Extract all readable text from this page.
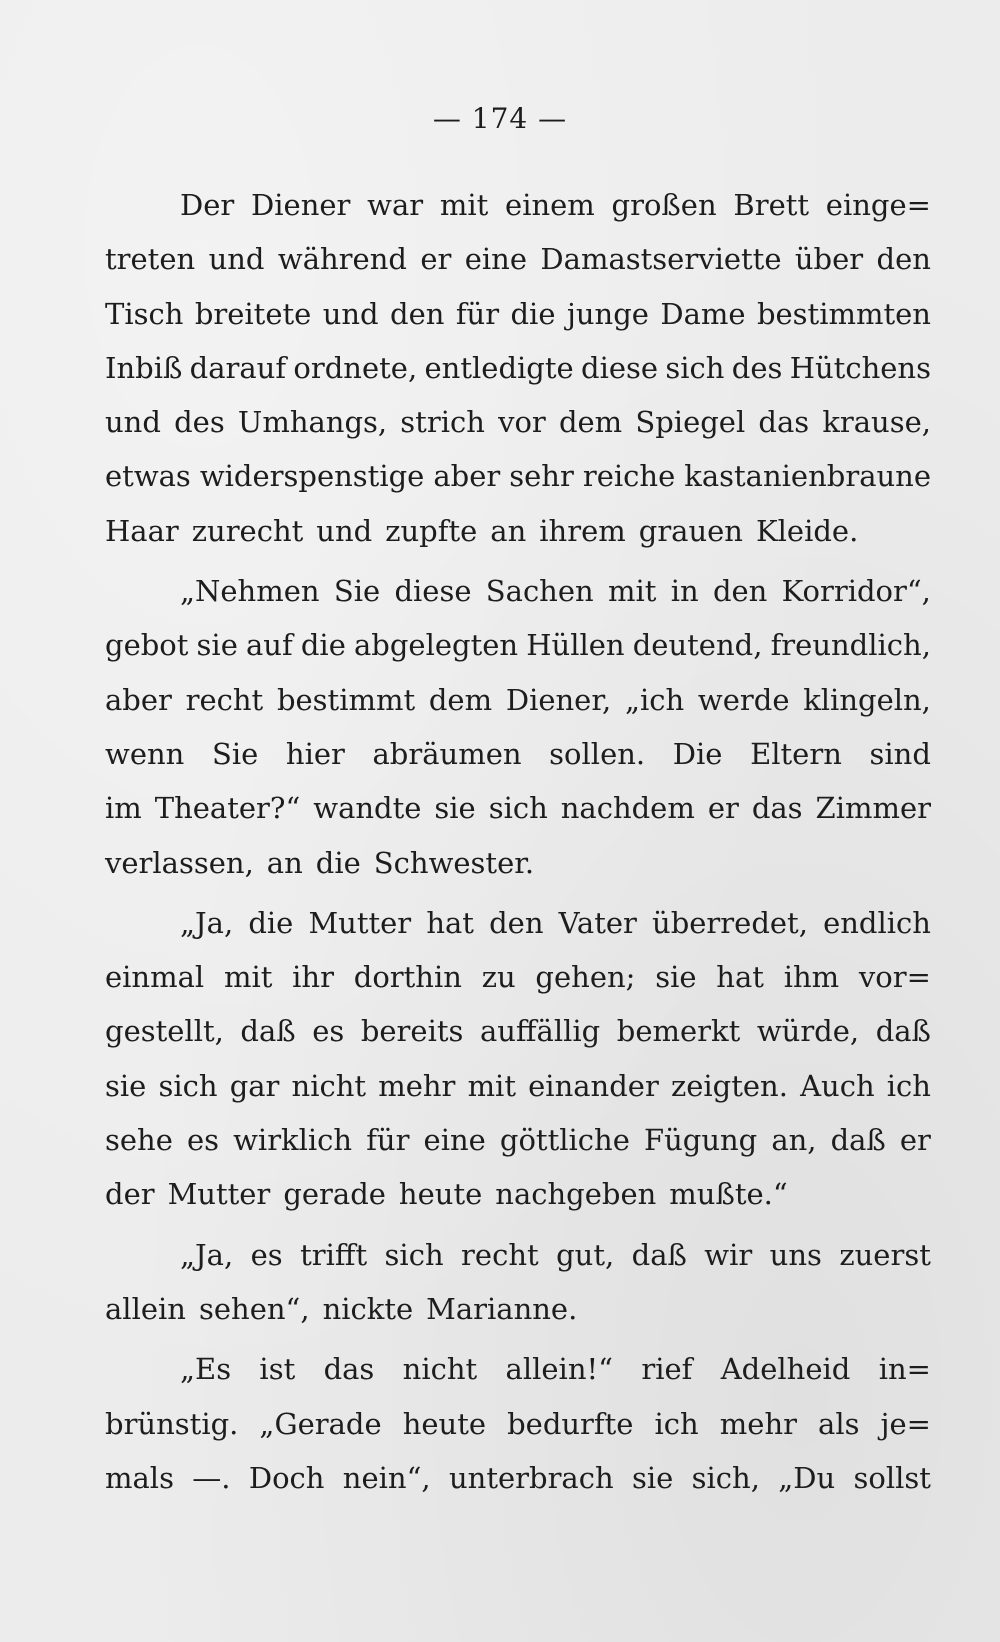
— 174 —
Der Diener war mit einem großen Brett einge=
treten und während er eine Damastserviette über den
Tisch breitete und den für die junge Dame bestimmten
Inbiß darauf ordnete, entledigte diese sich des Hütchens
und des Umhangs, strich vor dem Spiegel das krause,
etwas widerspenstige aber sehr reiche kastanienbraune
Haar zurecht und zupfte an ihrem grauen Kleide.
„Nehmen Sie diese Sachen mit in den Korridor“,
gebot sie auf die abgelegten Hüllen deutend, freundlich,
aber recht bestimmt dem Diener, „ich werde klingeln,
wenn Sie hier abräumen sollen. Die Eltern sind
im Theater?“ wandte sie sich nachdem er das Zimmer
verlassen, an die Schwester.
„Ja, die Mutter hat den Vater überredet, endlich
einmal mit ihr dorthin zu gehen; sie hat ihm vor=
gestellt, daß es bereits auffällig bemerkt würde, daß
sie sich gar nicht mehr mit einander zeigten. Auch ich
sehe es wirklich für eine göttliche Fügung an, daß er
der Mutter gerade heute nachgeben mußte.“
„Ja, es trifft sich recht gut, daß wir uns zuerst
allein sehen“, nickte Marianne.
„Es ist das nicht allein!“ rief Adelheid in=
brünstig. „Gerade heute bedurfte ich mehr als je=
mals —. Doch nein“, unterbrach sie sich, „Du sollst
